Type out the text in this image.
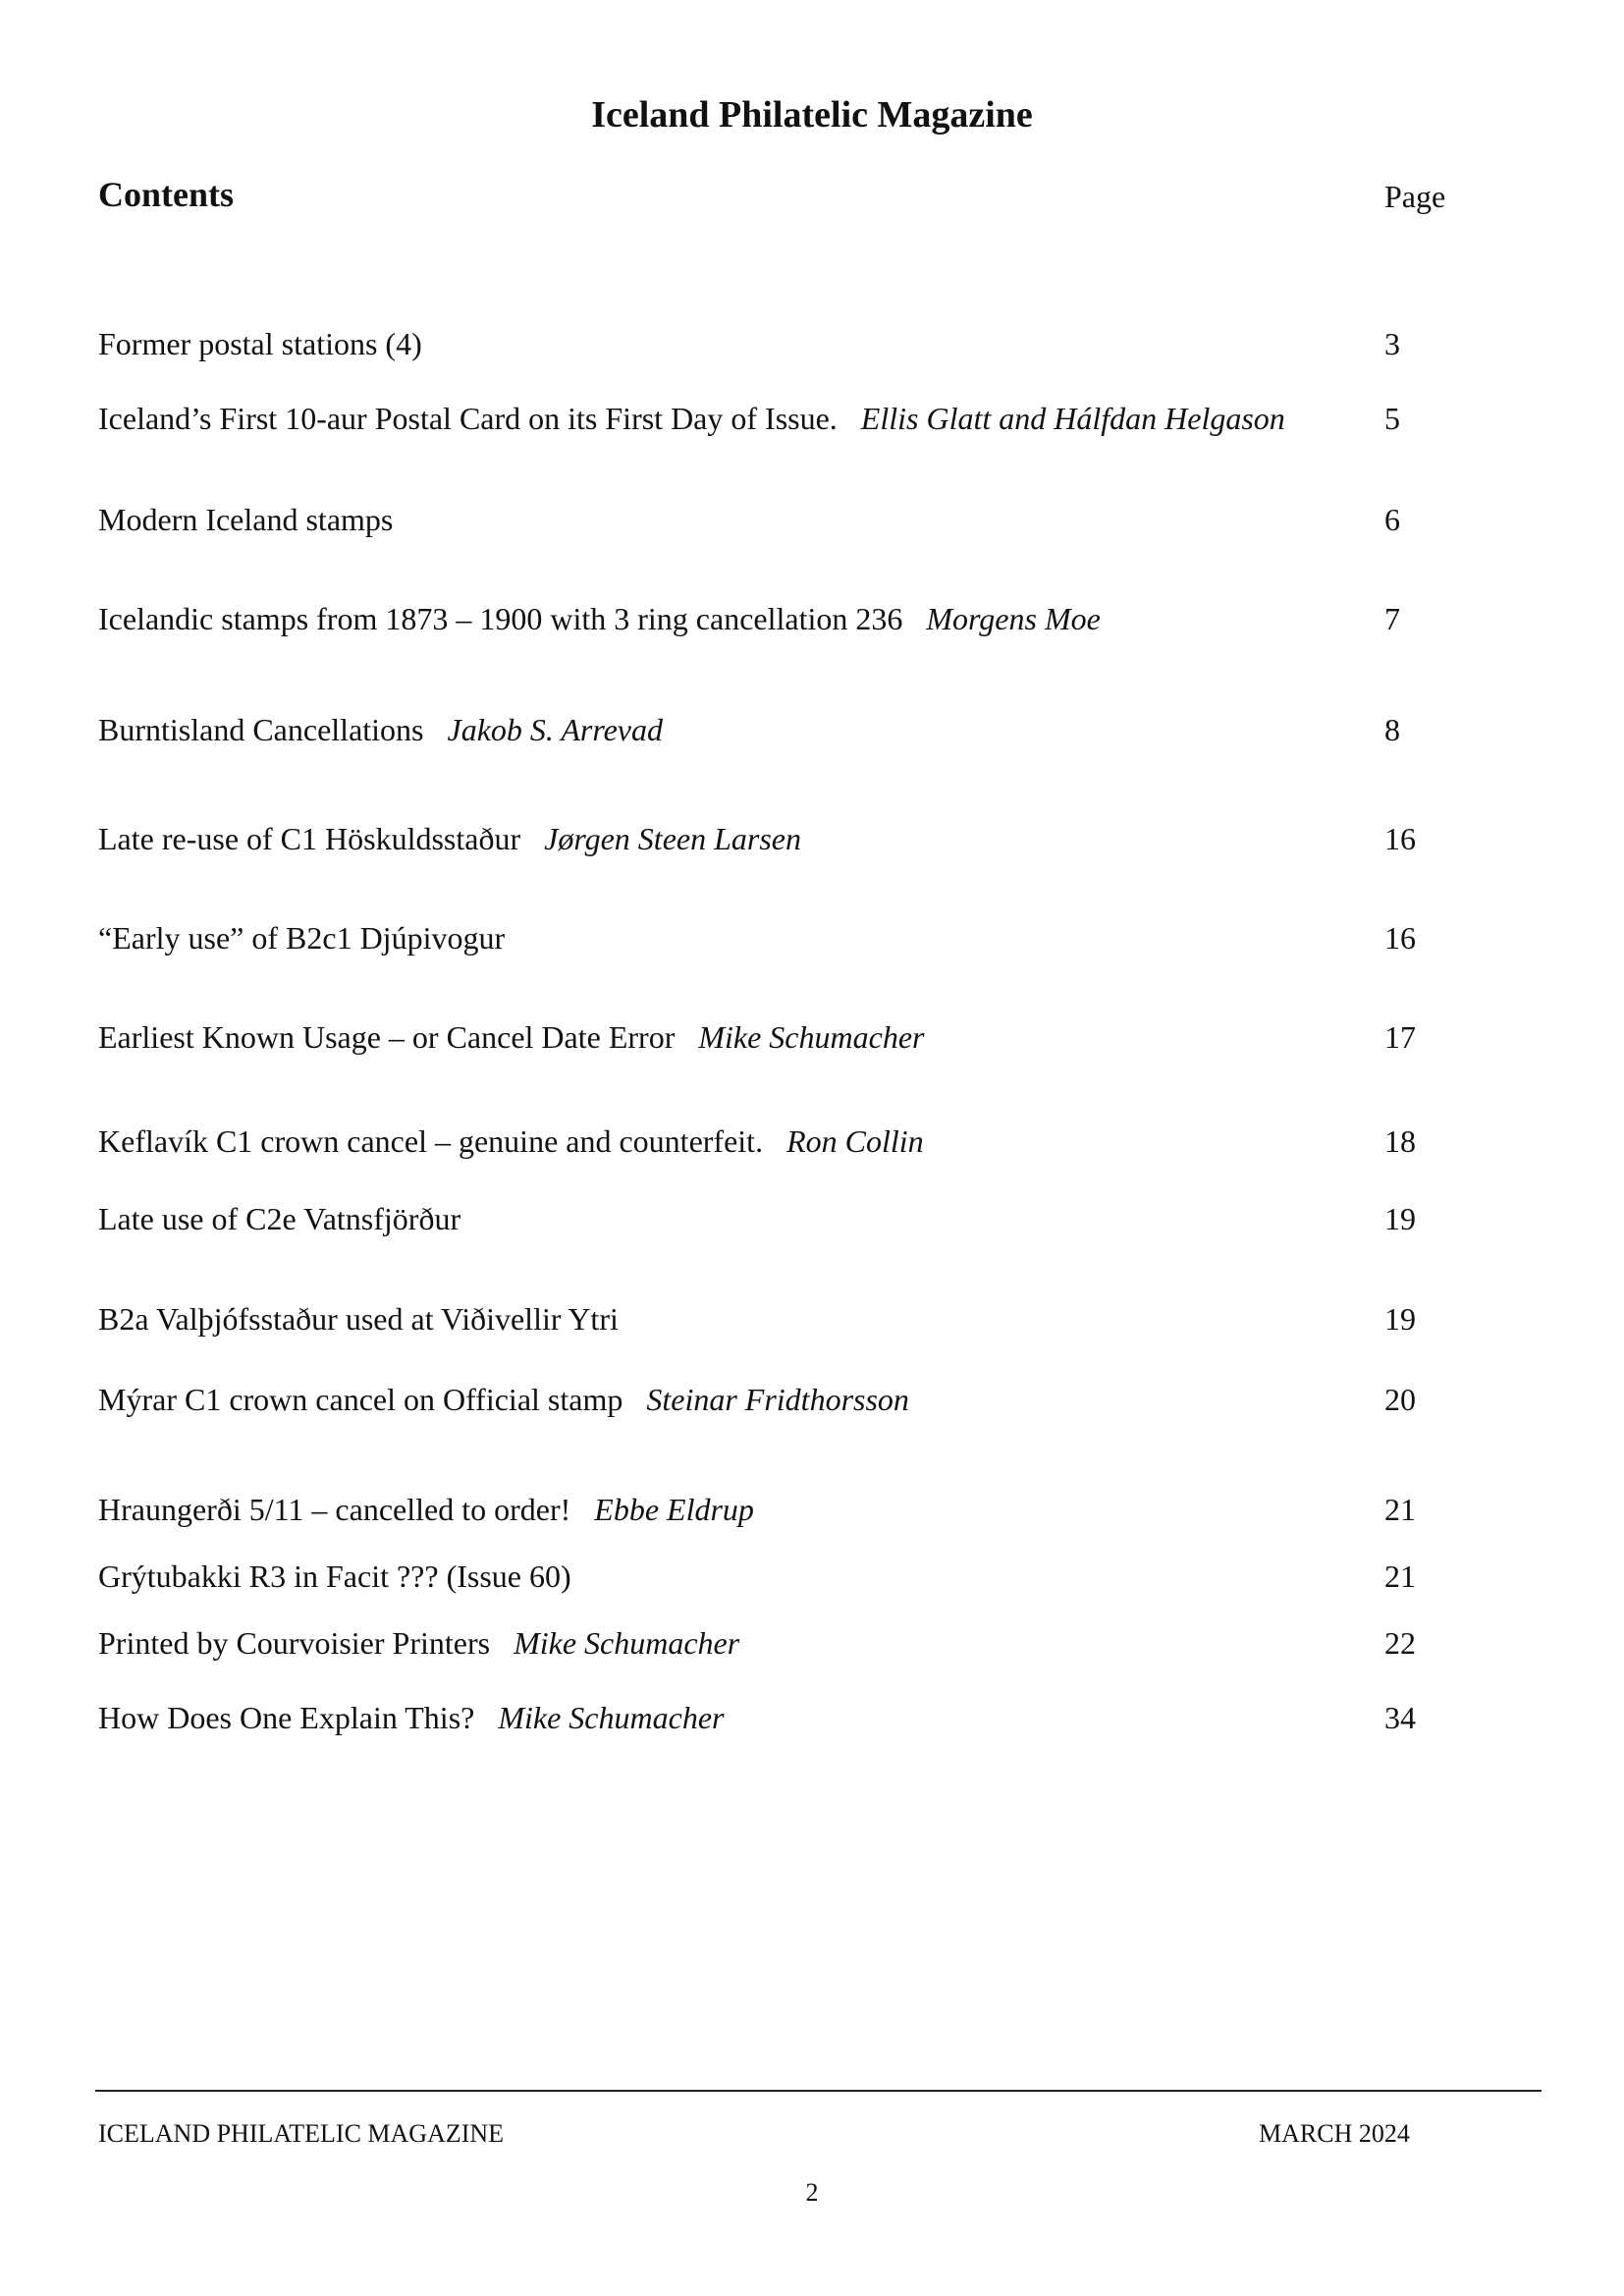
Iceland Philatelic Magazine
Contents	Page
Former postal stations (4)	3
Iceland’s First 10-aur Postal Card on its First Day of Issue. Ellis Glatt and Hálfdan Helgason	5
Modern Iceland stamps	6
Icelandic stamps from 1873 – 1900 with 3 ring cancellation 236 Morgens Moe	7
Burntisland Cancellations Jakob S. Arrevad	8
Late re-use of C1 Höskuldsstaður Jørgen Steen Larsen	16
“Early use” of B2c1 Djúpivogur	16
Earliest Known Usage – or Cancel Date Error Mike Schumacher	17
Keflavík C1 crown cancel – genuine and counterfeit. Ron Collin	18
Late use of C2e Vatnsfjörður	19
B2a Valþjófsstaður used at Viðivellir Ytri	19
Mýrar C1 crown cancel on Official stamp Steinar Fridthorsson	20
Hraungerði 5/11 – cancelled to order! Ebbe Eldrup	21
Grýtubakki R3 in Facit ??? (Issue 60)	21
Printed by Courvoisier Printers Mike Schumacher	22
How Does One Explain This? Mike Schumacher	34
ICELAND PHILATELIC MAGAZINE	MARCH 2024
2
